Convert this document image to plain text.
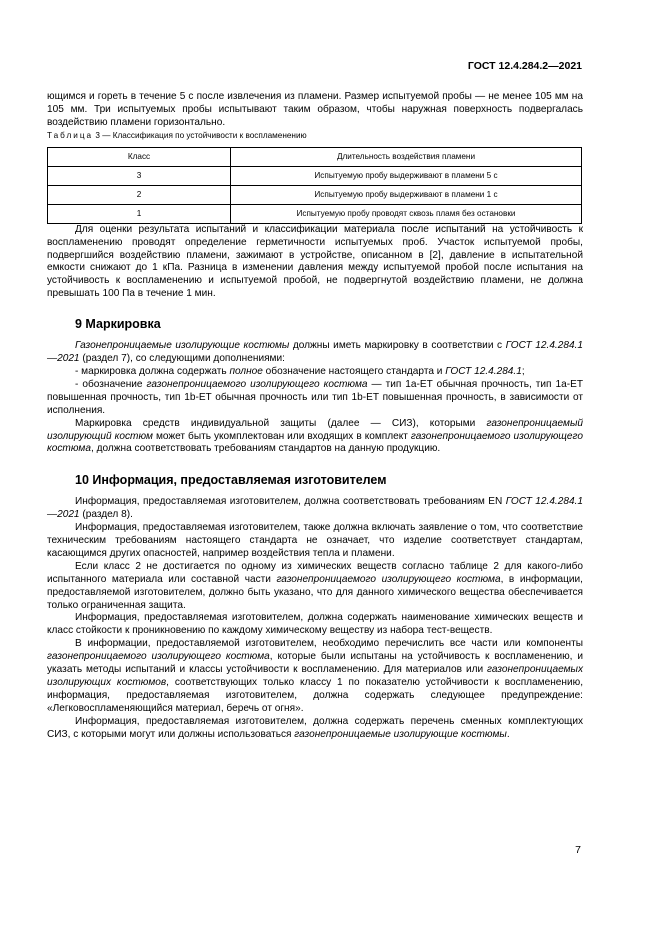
ГОСТ 12.4.284.2—2021

ющимся и гореть в течение 5 с после извлечения из пламени. Размер испытуемой пробы — не менее 105 мм на 105 мм. Три испытуемых пробы испытывают таким образом, чтобы наружная поверхность подвергалась воздействию пламени горизонтально.

Таблица 3 — Классификация по устойчивости к воспламенению

Класс	Длительность воздействия пламени
3	Испытуемую пробу выдерживают в пламени 5 с
2	Испытуемую пробу выдерживают в пламени 1 с
1	Испытуемую пробу проводят сквозь пламя без остановки

Для оценки результата испытаний и классификации материала после испытаний на устойчивость к воспламенению проводят определение герметичности испытуемых проб. Участок испытуемой пробы, подвергшийся воздействию пламени, зажимают в устройстве, описанном в [2], давление в испытательной емкости снижают до 1 кПа. Разница в изменении давления между испытуемой пробой после испытания на устойчивость к воспламенению и испытуемой пробой, не подвергнутой воздействию пламени, не должна превышать 100 Па в течение 1 мин.

9 Маркировка

Газонепроницаемые изолирующие костюмы должны иметь маркировку в соответствии с ГОСТ 12.4.284.1—2021 (раздел 7), со следующими дополнениями:

- маркировка должна содержать полное обозначение настоящего стандарта и ГОСТ 12.4.284.1;

- обозначение газонепроницаемого изолирующего костюма — тип 1a-ET обычная прочность, тип 1a-ET повышенная прочность, тип 1b-ET обычная прочность или тип 1b-ET повышенная прочность, в зависимости от исполнения.

Маркировка средств индивидуальной защиты (далее — СИЗ), которыми газонепроницаемый изолирующий костюм может быть укомплектован или входящих в комплект газонепроницаемого изолирующего костюма, должна соответствовать требованиям стандартов на данную продукцию.

10 Информация, предоставляемая изготовителем

Информация, предоставляемая изготовителем, должна соответствовать требованиям EN ГОСТ 12.4.284.1—2021 (раздел 8).

Информация, предоставляемая изготовителем, также должна включать заявление о том, что соответствие техническим требованиям настоящего стандарта не означает, что изделие соответствует стандартам, касающимся других опасностей, например воздействия тепла и пламени.

Если класс 2 не достигается по одному из химических веществ согласно таблице 2 для какого-либо испытанного материала или составной части газонепроницаемого изолирующего костюма, в информации, предоставляемой изготовителем, должно быть указано, что для данного химического вещества обеспечивается только ограниченная защита.

Информация, предоставляемая изготовителем, должна содержать наименование химических веществ и класс стойкости к проникновению по каждому химическому веществу из набора тест-веществ.

В информации, предоставляемой изготовителем, необходимо перечислить все части или компоненты газонепроницаемого изолирующего костюма, которые были испытаны на устойчивость к воспламенению, и указать методы испытаний и классы устойчивости к воспламенению. Для материалов или газонепроницаемых изолирующих костюмов, соответствующих только классу 1 по показателю устойчивости к воспламенению, информация, предоставляемая изготовителем, должна содержать следующее предупреждение: «Легковоспламеняющийся материал, беречь от огня».

Информация, предоставляемая изготовителем, должна содержать перечень сменных комплектующих СИЗ, с которыми могут или должны использоваться газонепроницаемые изолирующие костюмы.

7
